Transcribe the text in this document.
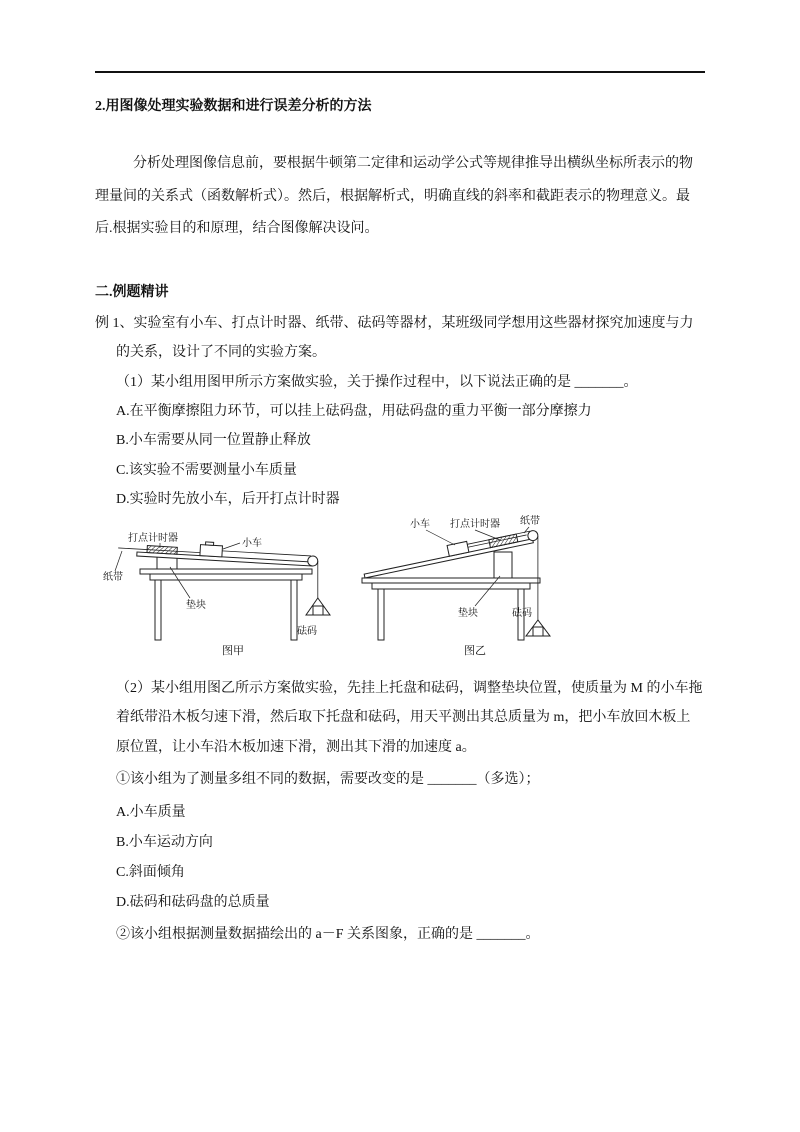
2.用图像处理实验数据和进行误差分析的方法
分析处理图像信息前，要根据牛顿第二定律和运动学公式等规律推导出横纵坐标所表示的物
理量间的关系式（函数解析式）。然后，根据解析式，明确直线的斜率和截距表示的物理意义。最
后.根据实验目的和原理，结合图像解决设问。
二.例题精讲
例 1、实验室有小车、打点计时器、纸带、砝码等器材，某班级同学想用这些器材探究加速度与力
的关系，设计了不同的实验方案。
（1）某小组用图甲所示方案做实验，关于操作过程中，以下说法正确的是 _______。
A.在平衡摩擦阻力环节，可以挂上砝码盘，用砝码盘的重力平衡一部分摩擦力
B.小车需要从同一位置静止释放
C.该实验不需要测量小车质量
D.实验时先放小车，后开打点计时器
打点计时器	小车
纸带
垫块
砝码
图甲
小车 打点计时器 纸带
垫块	砝码
图乙
（2）某小组用图乙所示方案做实验，先挂上托盘和砝码，调整垫块位置，使质量为 M 的小车拖
着纸带沿木板匀速下滑，然后取下托盘和砝码，用天平测出其总质量为 m，把小车放回木板上
原位置，让小车沿木板加速下滑，测出其下滑的加速度 a。
①该小组为了测量多组不同的数据，需要改变的是 _______（多选）；
A.小车质量
B.小车运动方向
C.斜面倾角
D.砝码和砝码盘的总质量
②该小组根据测量数据描绘出的 a－F 关系图象，正确的是 _______。
